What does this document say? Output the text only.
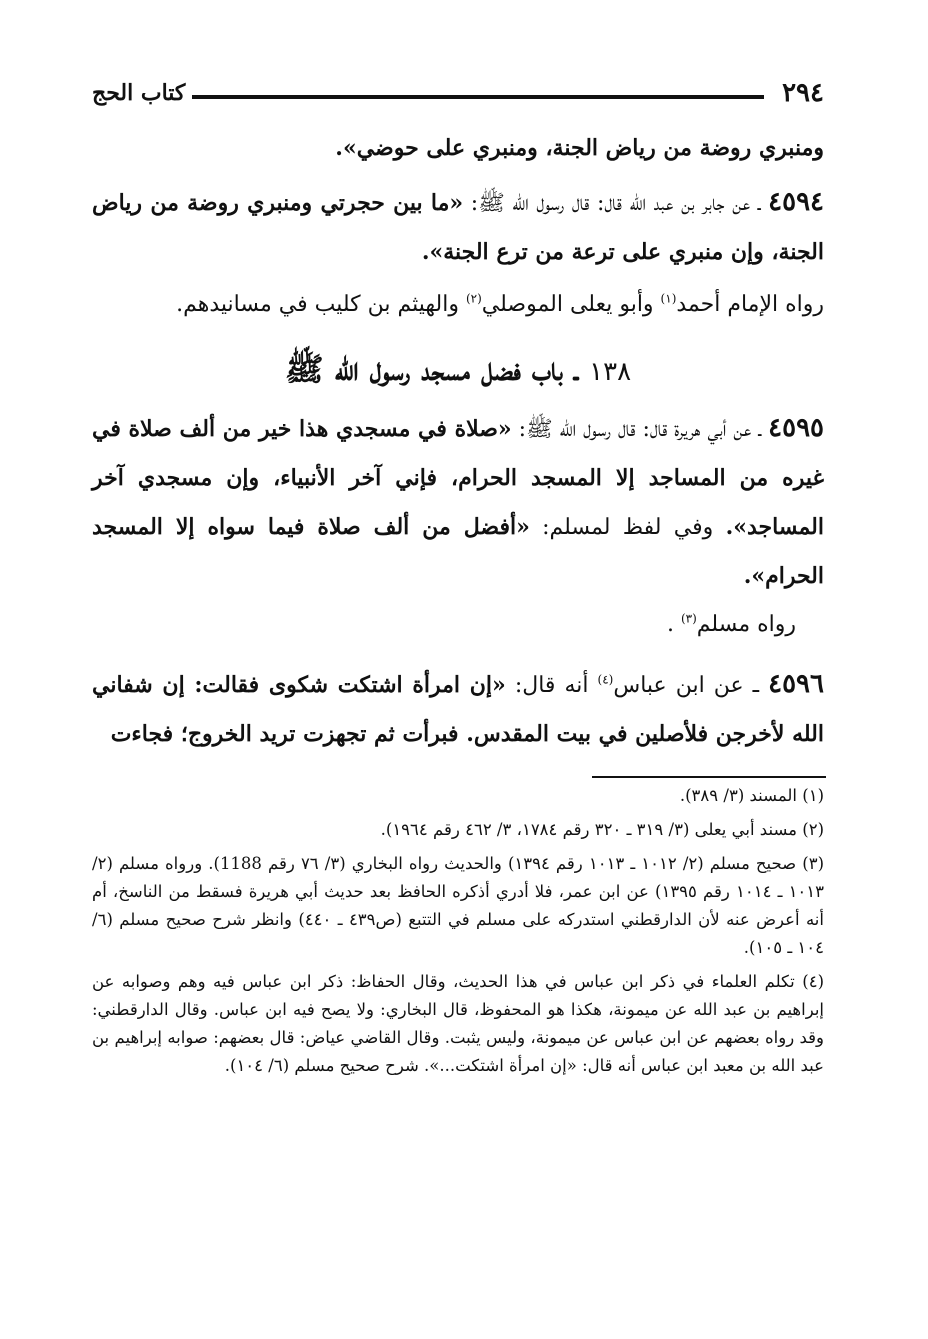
٢٩٤
كتاب الحج

ومنبري روضة من رياض الجنة، ومنبري على حوضي».

٤٥٩٤ ـ عن جابر بن عبد الله قال: قال رسول الله ﷺ: «ما بين حجرتي ومنبري روضة من رياض الجنة، وإن منبري على ترعة من ترع الجنة».

رواه الإمام أحمد$^{(١)}$ وأبو يعلى الموصلي$^{(٢)}$ والهيثم بن كليب في مسانيدهم.

١٣٨ ـ باب فضل مسجد رسول الله ﷺ

٤٥٩٥ ـ عن أبي هريرة قال: قال رسول الله ﷺ: «صلاة في مسجدي هذا خير من ألف صلاة في غيره من المساجد إلا المسجد الحرام، فإني آخر الأنبياء، وإن مسجدي آخر المساجد». وفي لفظ لمسلم: «أفضل من ألف صلاة فيما سواه إلا المسجد الحرام».

رواه مسلم$^{(٣)}$ .

٤٥٩٦ ـ عن ابن عباس$^{(٤)}$ أنه قال: «إن امرأة اشتكت شكوى فقالت: إن شفاني الله لأخرجن فلأصلين في بيت المقدس. فبرأت ثم تجهزت تريد الخروج؛ فجاءت

(١) المسند (٣/ ٣٨٩).

(٢) مسند أبي يعلى (٣/ ٣١٩ ـ ٣٢٠ رقم ١٧٨٤، ٣/ ٤٦٢ رقم ١٩٦٤).

(٣) صحيح مسلم (٢/ ١٠١٢ ـ ١٠١٣ رقم ١٣٩٤) والحديث رواه البخاري (٣/ ٧٦ رقم 1188). ورواه مسلم (٢/ ١٠١٣ ـ ١٠١٤ رقم ١٣٩٥) عن ابن عمر، فلا أدري أذكره الحافظ بعد حديث أبي هريرة فسقط من الناسخ، أم أنه أعرض عنه لأن الدارقطني استدركه على مسلم في التتبع (ص٤٣٩ ـ ٤٤٠) وانظر شرح صحيح مسلم (٦/ ١٠٤ ـ ١٠٥).

(٤) تكلم العلماء في ذكر ابن عباس في هذا الحديث، وقال الحفاظ: ذكر ابن عباس فيه وهم وصوابه عن إبراهيم بن عبد الله عن ميمونة، هكذا هو المحفوظ، قال البخاري: ولا يصح فيه ابن عباس. وقال الدارقطني: وقد رواه بعضهم عن ابن عباس عن ميمونة، وليس يثبت. وقال القاضي عياض: قال بعضهم: صوابه إبراهيم بن عبد الله بن معبد ابن عباس أنه قال: «إن امرأة اشتكت...». شرح صحيح مسلم (٦/ ١٠٤).
